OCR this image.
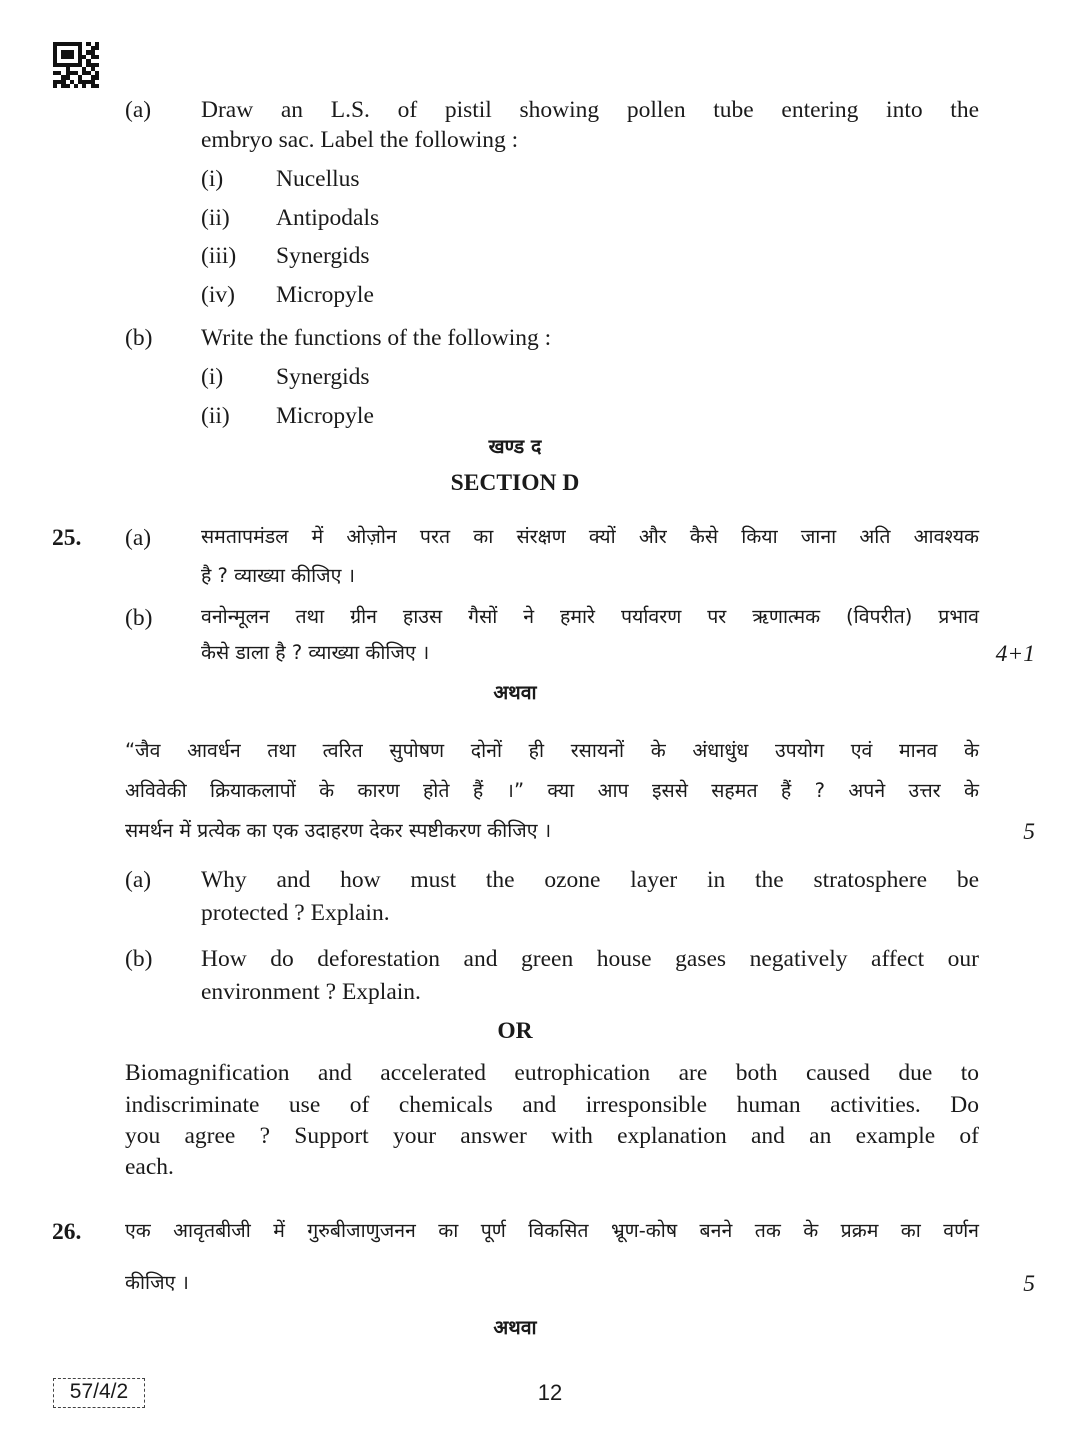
(a) Draw an L.S. of pistil showing pollen tube entering into the
embryo sac. Label the following :
(i) Nucellus
(ii) Antipodals
(iii) Synergids
(iv) Micropyle
(b) Write the functions of the following :
(i) Synergids
(ii) Micropyle
खण्ड द
SECTION D
25. (a)	समतापमंडल में ओज़ोन परत का संरक्षण क्यों और कैसे किया जाना अति आवश्यक
है ? व्याख्या कीजिए ।
(b) वनोन्मूलन तथा ग्रीन हाउस गैसों ने हमारे पर्यावरण पर ऋणात्मक (विपरीत) प्रभाव
कैसे डाला है ? व्याख्या कीजिए ।	4+1
अथवा
“जैव आवर्धन तथा त्वरित सुपोषण दोनों ही रसायनों के अंधाधुंध उपयोग एवं मानव के
अविवेकी क्रियाकलापों के कारण होते हैं ।” क्या आप इससे सहमत हैं ? अपने उत्तर के
समर्थन में प्रत्येक का एक उदाहरण देकर स्पष्टीकरण कीजिए ।	5
(a) Why and how must the ozone layer in the stratosphere be
protected ? Explain.
(b) How do deforestation and green house gases negatively affect our
environment ? Explain.
OR
Biomagnification and accelerated eutrophication are both caused due to
indiscriminate use of chemicals and irresponsible human activities. Do
you agree ? Support your answer with explanation and an example of
each.
26. एक आवृतबीजी में गुरुबीजाणुजनन का पूर्ण विकसित भ्रूण-कोष बनने तक के प्रक्रम का वर्णन
कीजिए ।	5
अथवा
57/4/2	12
